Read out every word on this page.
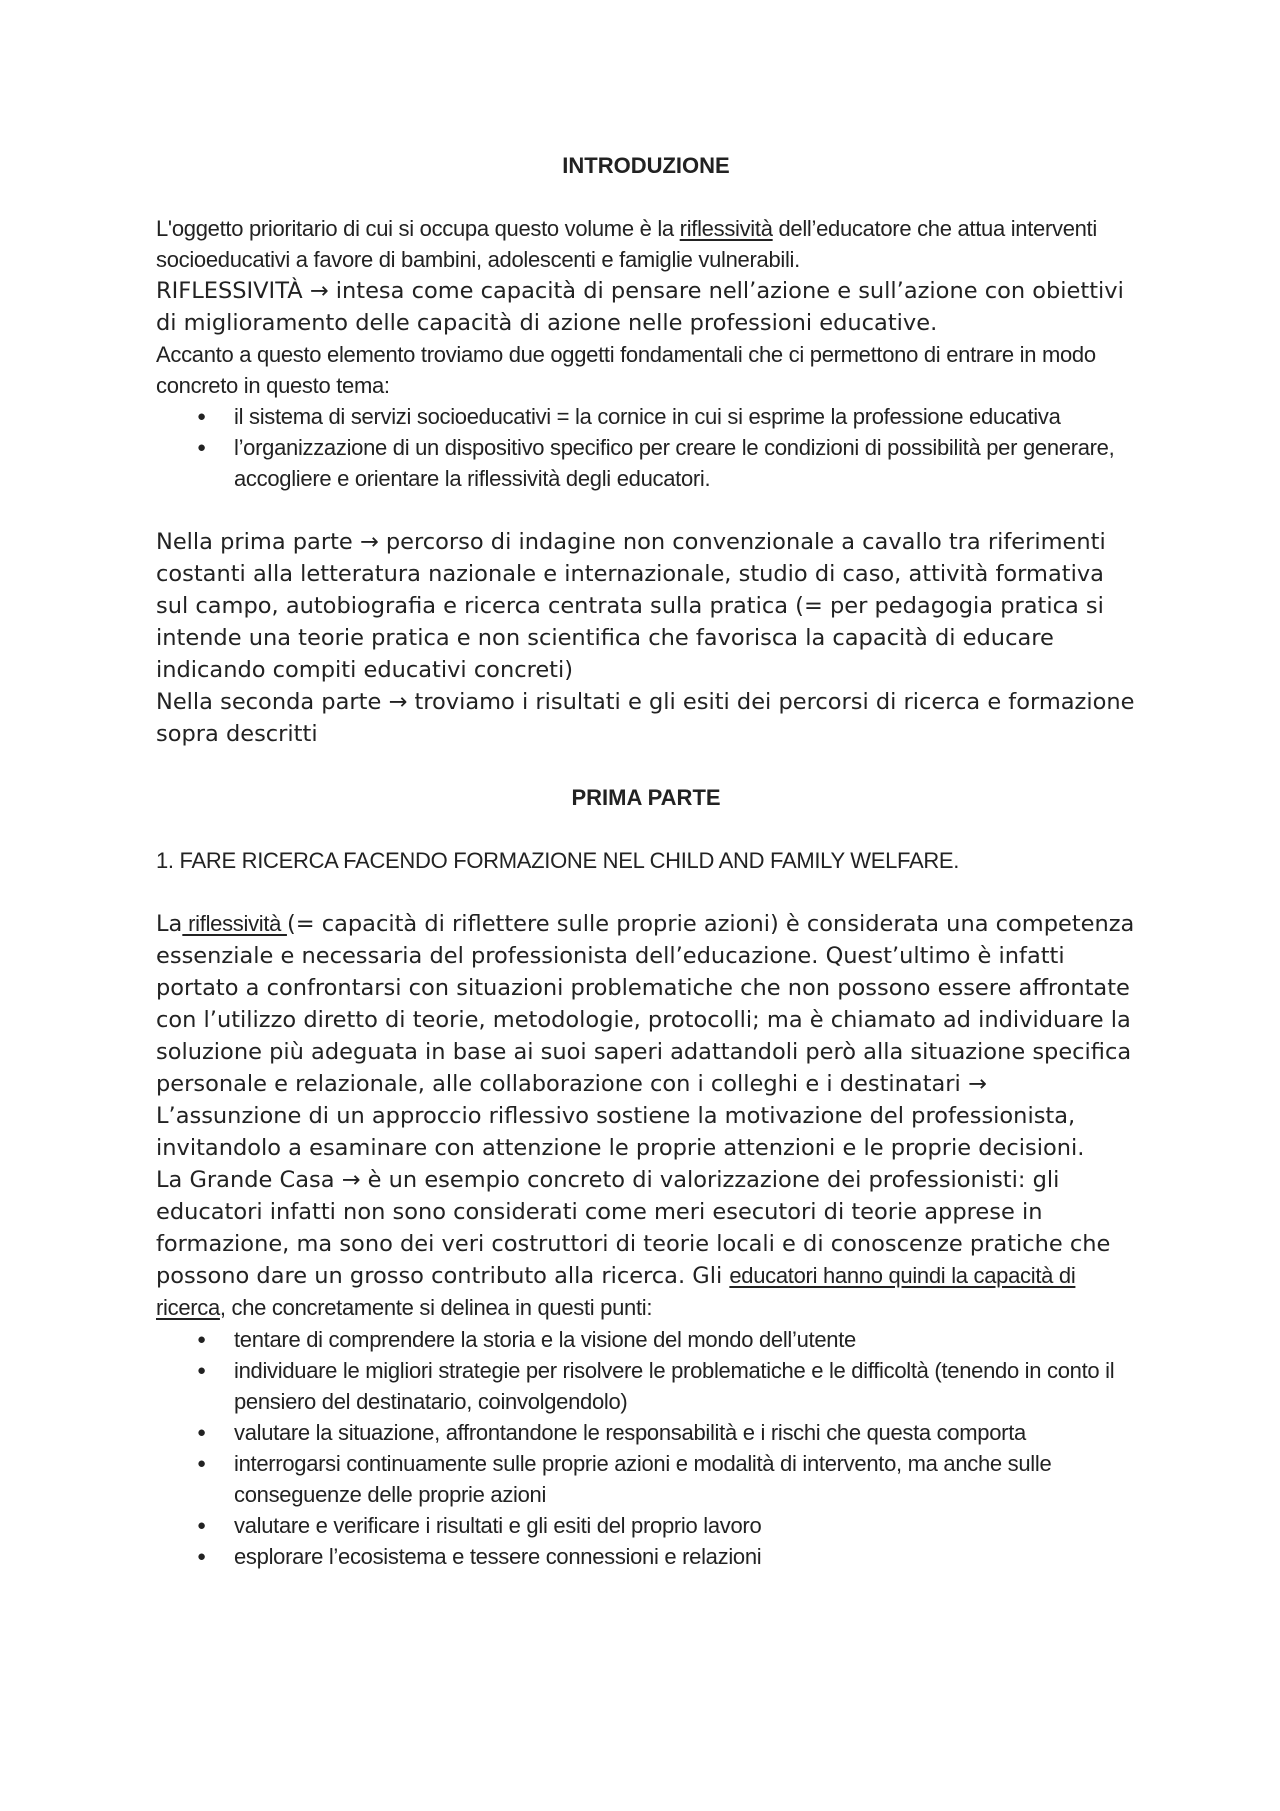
INTRODUZIONE

L'oggetto prioritario di cui si occupa questo volume è la riflessività dell’educatore che attua interventi socioeducativi a favore di bambini, adolescenti e famiglie vulnerabili.

RIFLESSIVITÀ → intesa come capacità di pensare nell’azione e sull’azione con obiettivi di miglioramento delle capacità di azione nelle professioni educative.

Accanto a questo elemento troviamo due oggetti fondamentali che ci permettono di entrare in modo concreto in questo tema:

● il sistema di servizi socioeducativi = la cornice in cui si esprime la professione educativa
● l’organizzazione di un dispositivo specifico per creare le condizioni di possibilità per generare, accogliere e orientare la riflessività degli educatori.

Nella prima parte → percorso di indagine non convenzionale a cavallo tra riferimenti costanti alla letteratura nazionale e internazionale, studio di caso, attività formativa sul campo, autobiografia e ricerca centrata sulla pratica (= per pedagogia pratica si intende una teorie pratica e non scientifica che favorisca la capacità di educare indicando compiti educativi concreti)

Nella seconda parte → troviamo i risultati e gli esiti dei percorsi di ricerca e formazione sopra descritti

PRIMA PARTE

1. FARE RICERCA FACENDO FORMAZIONE NEL CHILD AND FAMILY WELFARE.

La riflessività (= capacità di riflettere sulle proprie azioni) è considerata una competenza essenziale e necessaria del professionista dell’educazione. Quest’ultimo è infatti portato a confrontarsi con situazioni problematiche che non possono essere affrontate con l’utilizzo diretto di teorie, metodologie, protocolli; ma è chiamato ad individuare la soluzione più adeguata in base ai suoi saperi adattandoli però alla situazione specifica personale e relazionale, alle collaborazione con i colleghi e i destinatari → L’assunzione di un approccio riflessivo sostiene la motivazione del professionista, invitandolo a esaminare con attenzione le proprie attenzioni e le proprie decisioni.

La Grande Casa → è un esempio concreto di valorizzazione dei professionisti: gli educatori infatti non sono considerati come meri esecutori di teorie apprese in formazione, ma sono dei veri costruttori di teorie locali e di conoscenze pratiche che possono dare un grosso contributo alla ricerca. Gli educatori hanno quindi la capacità di ricerca, che concretamente si delinea in questi punti:

● tentare di comprendere la storia e la visione del mondo dell’utente
● individuare le migliori strategie per risolvere le problematiche e le difficoltà (tenendo in conto il pensiero del destinatario, coinvolgendolo)
● valutare la situazione, affrontandone le responsabilità e i rischi che questa comporta
● interrogarsi continuamente sulle proprie azioni e modalità di intervento, ma anche sulle conseguenze delle proprie azioni
● valutare e verificare i risultati e gli esiti del proprio lavoro
● esplorare l’ecosistema e tessere connessioni e relazioni
